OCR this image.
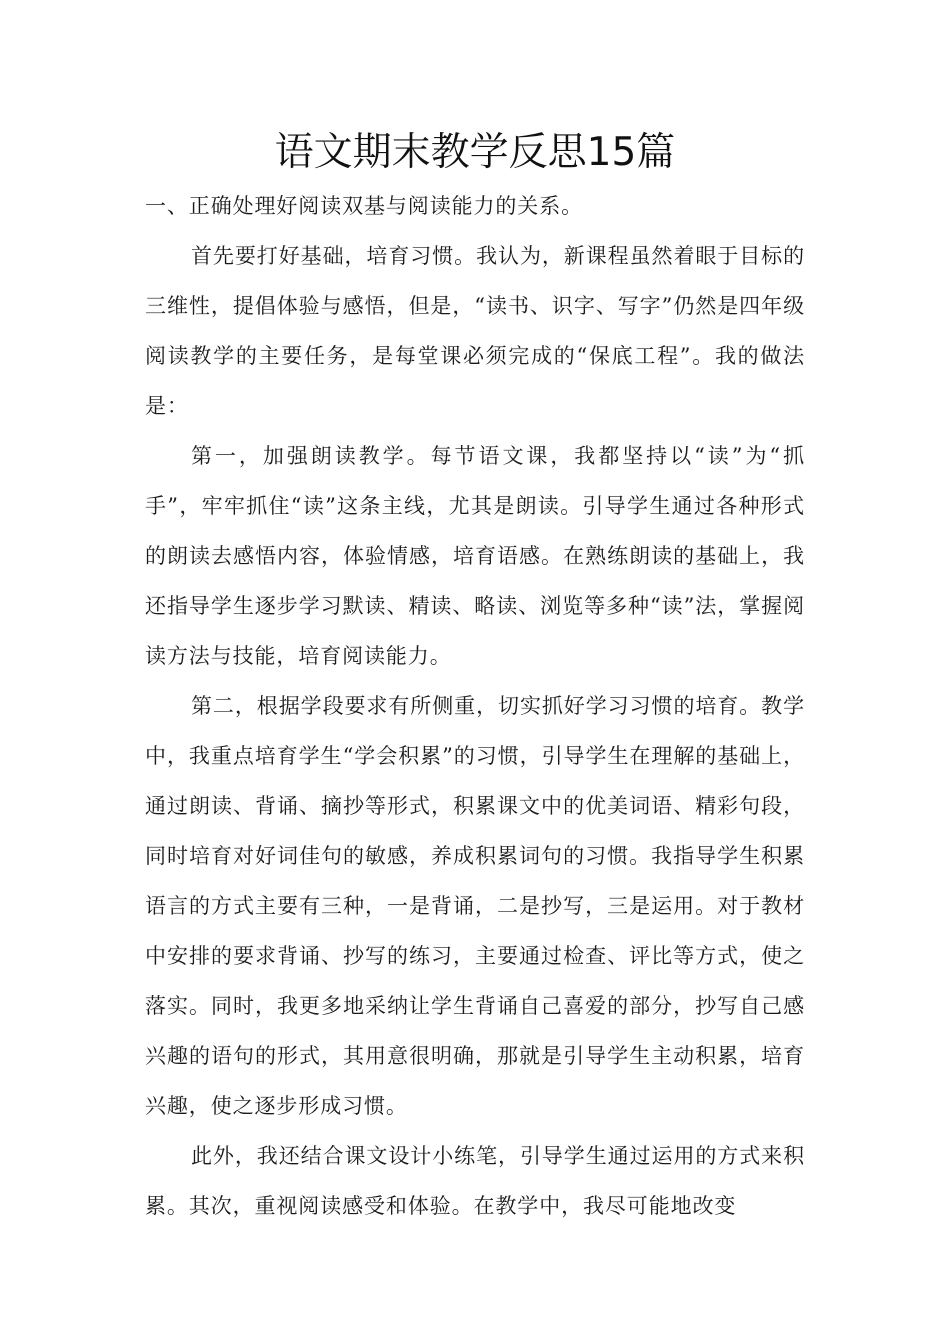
语文期末教学反思15篇

一、正确处理好阅读双基与阅读能力的关系。

首先要打好基础，培育习惯。我认为，新课程虽然着眼于目标的三维性，提倡体验与感悟，但是，“读书、识字、写字”仍然是四年级阅读教学的主要任务，是每堂课必须完成的“保底工程”。我的做法是：

第一，加强朗读教学。每节语文课，我都坚持以“读”为“抓手”，牢牢抓住“读”这条主线，尤其是朗读。引导学生通过各种形式的朗读去感悟内容，体验情感，培育语感。在熟练朗读的基础上，我还指导学生逐步学习默读、精读、略读、浏览等多种“读”法，掌握阅读方法与技能，培育阅读能力。

第二，根据学段要求有所侧重，切实抓好学习习惯的培育。教学中，我重点培育学生“学会积累”的习惯，引导学生在理解的基础上，通过朗读、背诵、摘抄等形式，积累课文中的优美词语、精彩句段，同时培育对好词佳句的敏感，养成积累词句的习惯。我指导学生积累语言的方式主要有三种，一是背诵，二是抄写，三是运用。对于教材中安排的要求背诵、抄写的练习，主要通过检查、评比等方式，使之落实。同时，我更多地采纳让学生背诵自己喜爱的部分，抄写自己感兴趣的语句的形式，其用意很明确，那就是引导学生主动积累，培育兴趣，使之逐步形成习惯。

此外，我还结合课文设计小练笔，引导学生通过运用的方式来积累。其次，重视阅读感受和体验。在教学中，我尽可能地改变
